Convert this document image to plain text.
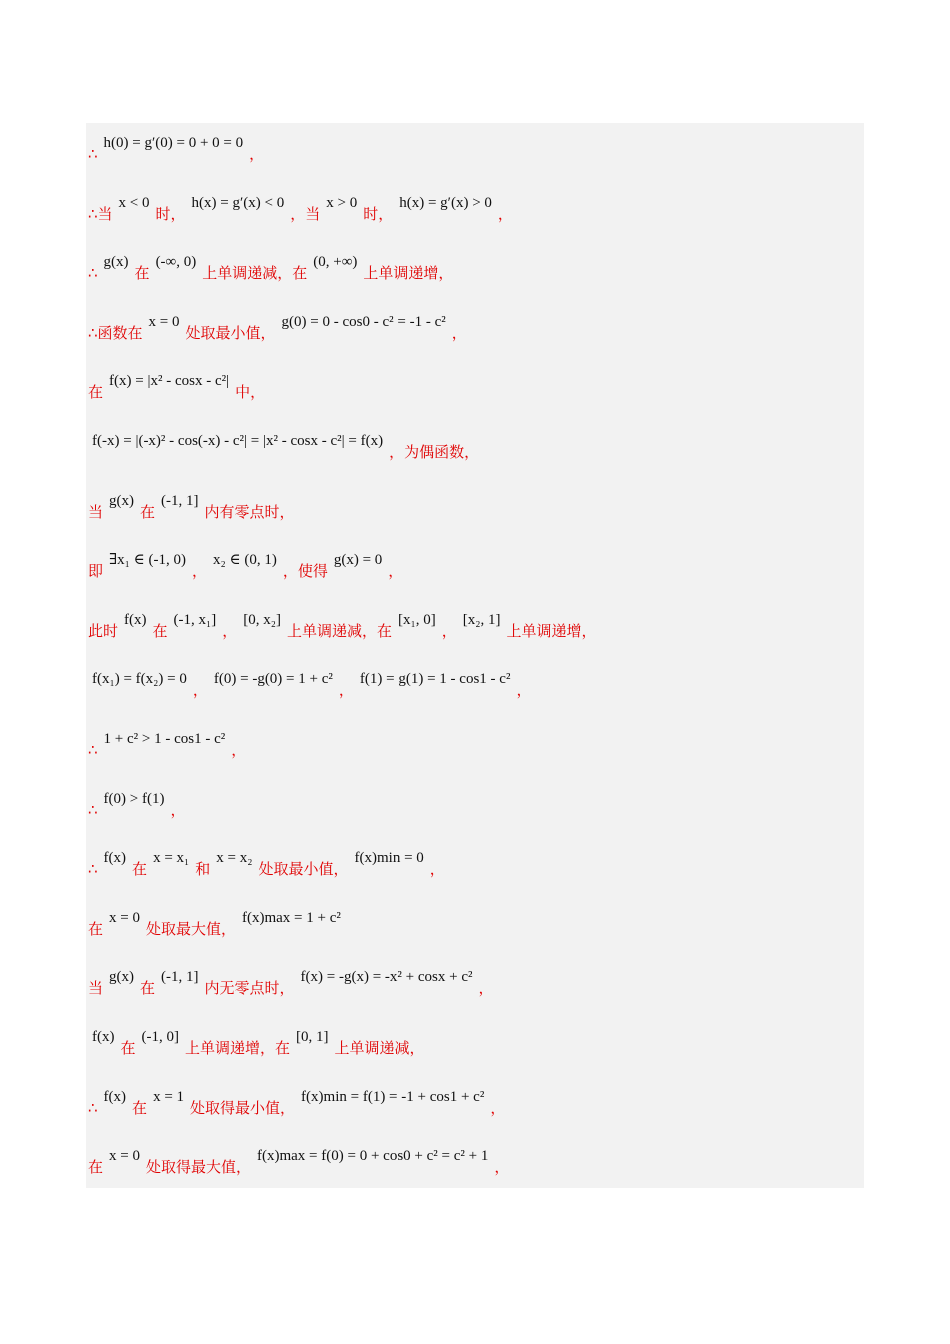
∴h(0) = g′(0) = 0 + 0 = 0，
∴当x < 0时，h(x) = g′(x) < 0，当x > 0时，h(x) = g′(x) > 0，
∴g(x)在(-∞, 0)上单调递减，在(0, +∞)上单调递增，
∴函数在x = 0处取最小值，g(0) = 0 - cos0 - c² = -1 - c²，
在f(x) = |x² - cosx - c²|中，
f(-x) = |(-x)² - cos(-x) - c²| = |x² - cosx - c²| = f(x)，为偶函数，
当g(x)在(-1, 1]内有零点时，
即∃x₁ ∈ (-1, 0)，x₂ ∈ (0, 1)，使得g(x) = 0，
此时f(x)在(-1, x₁]，[0, x₂]上单调递减，在[x₁, 0]，[x₂, 1]上单调递增，
f(x₁) = f(x₂) = 0，f(0) = -g(0) = 1 + c²，f(1) = g(1) = 1 - cos1 - c²，
∴1 + c² > 1 - cos1 - c²，
∴f(0) > f(1)，
∴f(x)在x = x₁和x = x₂处取最小值，f(x)min = 0，
在x = 0处取最大值，f(x)max = 1 + c²
当g(x)在(-1, 1]内无零点时，f(x) = -g(x) = -x² + cosx + c²，
f(x)在(-1, 0]上单调递增，在[0, 1]上单调递减，
∴f(x)在x = 1处取得最小值，f(x)min = f(1) = -1 + cos1 + c²，
在x = 0处取得最大值，f(x)max = f(0) = 0 + cos0 + c² = c² + 1，
